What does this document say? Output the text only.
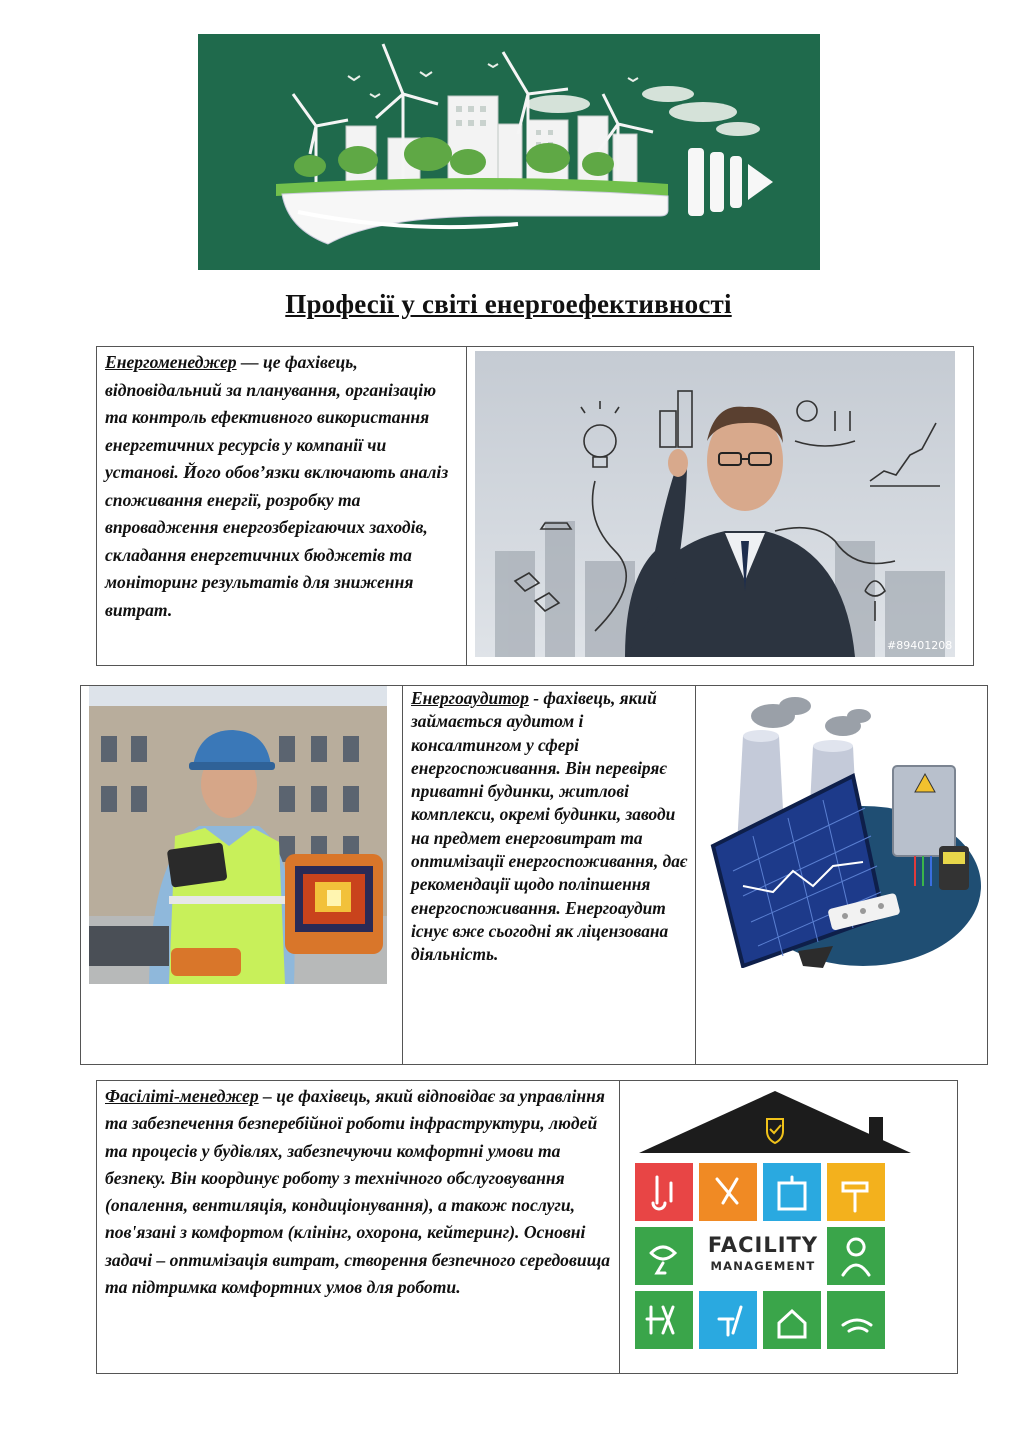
Професії у світі енергоефективності
Енергоменеджер — це фахівець, відповідальний за планування, організацію та контроль ефективного використання енергетичних ресурсів у компанії чи установі. Його обов’язки включають аналіз споживання енергії, розробку та впровадження енергозберігаючих заходів, складання енергетичних бюджетів та моніторинг результатів для зниження витрат.
#89401208
Енергоаудитор - фахівець, який займається аудитом і консалтингом у сфері енергоспоживання. Він перевіряє приватні будинки, житлові комплекси, окремі будинки, заводи на предмет енерговитрат та оптимізації енергоспоживання, дає рекомендації щодо поліпшення енергоспоживання. Енергоаудит існує вже сьогодні як ліцензована діяльність.
Фасіліті-менеджер – це фахівець, який відповідає за управління та забезпечення безперебійної роботи інфраструктури, людей та процесів у будівлях, забезпечуючи комфортні умови та безпеку. Він координує роботу з технічного обслуговування (опалення, вентиляція, кондиціонування), а також послуги, пов'язані з комфортом (клінінг, охорона, кейтеринг). Основні задачі – оптимізація витрат, створення безпечного середовища та підтримка комфортних умов для роботи.
FACILITY
MANAGEMENT
